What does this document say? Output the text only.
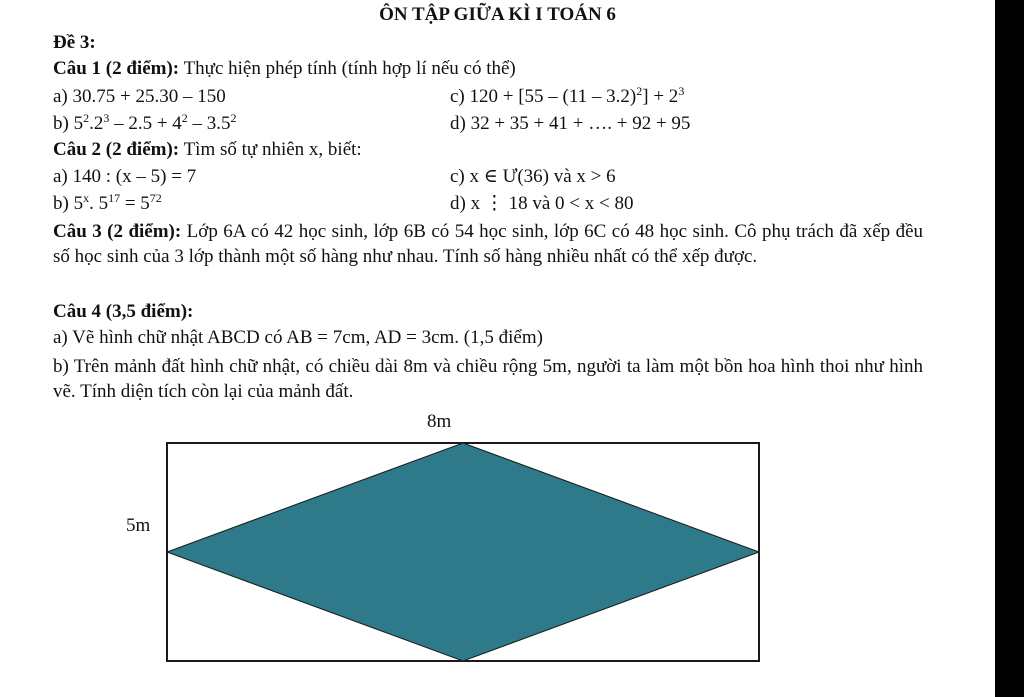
ÔN TẬP GIỮA KÌ I TOÁN 6
Đề 3:
Câu 1 (2 điểm): Thực hiện phép tính (tính hợp lí nếu có thể)
a) 30.75 + 25.30 – 150	c) $120 + [55 - (11 - 3.2)^2] + 2^3$
b) $5^2.2^3 - 2.5 + 4^2 - 3.5^2$	d) 32 + 35 + 41 + …. + 92 + 95
Câu 2 (2 điểm): Tìm số tự nhiên x, biết:
a) 140 : (x – 5) = 7	c) x ∈ Ư(36) và x > 6
b) 5$^x$. $5^{17} = 5^{72}$	d) x ⋮ 18 và 0 < x < 80
Câu 3 (2 điểm): Lớp 6A có 42 học sinh, lớp 6B có 54 học sinh, lớp 6C có 48 học sinh. Cô phụ trách đã xếp đều số học sinh của 3 lớp thành một số hàng như nhau. Tính số hàng nhiều nhất có thể xếp được.
Câu 4 (3,5 điểm):
a) Vẽ hình chữ nhật ABCD có AB = 7cm, AD = 3cm. (1,5 điểm)
b) Trên mảnh đất hình chữ nhật, có chiều dài 8m và chiều rộng 5m, người ta làm một bồn hoa hình thoi như hình vẽ. Tính diện tích còn lại của mảnh đất.
8m
5m
